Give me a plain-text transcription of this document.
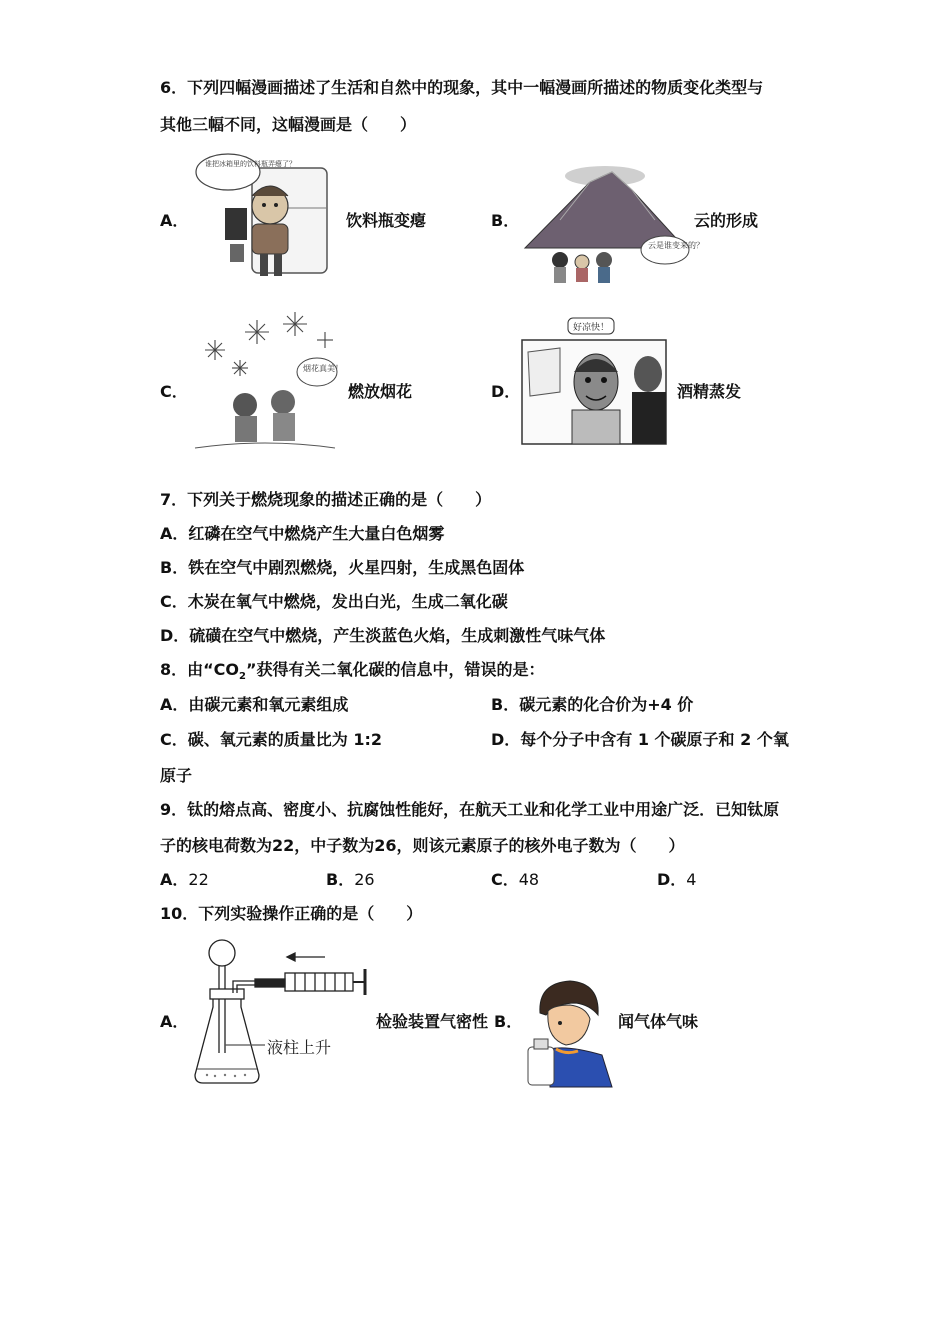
6．下列四幅漫画描述了生活和自然中的现象，其中一幅漫画所描述的物质变化类型与
其他三幅不同，这幅漫画是（　　）
A．
谁把冰箱里的饮料瓶弄瘪了？
饮料瓶变瘪	B．
云是谁变来的？
云的形成
C．
烟花真美！
燃放烟花	D．
好凉快！
酒精蒸发
7．下列关于燃烧现象的描述正确的是（　　）
A．红磷在空气中燃烧产生大量白色烟雾
B．铁在空气中剧烈燃烧，火星四射，生成黑色固体
C．木炭在氧气中燃烧，发出白光，生成二氧化碳
D．硫磺在空气中燃烧，产生淡蓝色火焰，生成刺激性气味气体
8．由“$CO_2$”获得有关二氧化碳的信息中，错误的是：
A．由碳元素和氧元素组成	B．碳元素的化合价为+4 价
C．碳、氧元素的质量比为 1:2	D．每个分子中含有 1 个碳原子和 2 个氧
原子
9．钛的熔点高、密度小、抗腐蚀性能好，在航天工业和化学工业中用途广泛．已知钛原
子的核电荷数为22，中子数为26，则该元素原子的核外电子数为（　　）
A．22	B．26	C．48	D．4
10．下列实验操作正确的是（　　）
A．
液柱上升
检验装置气密性 B．	闻气体气味
